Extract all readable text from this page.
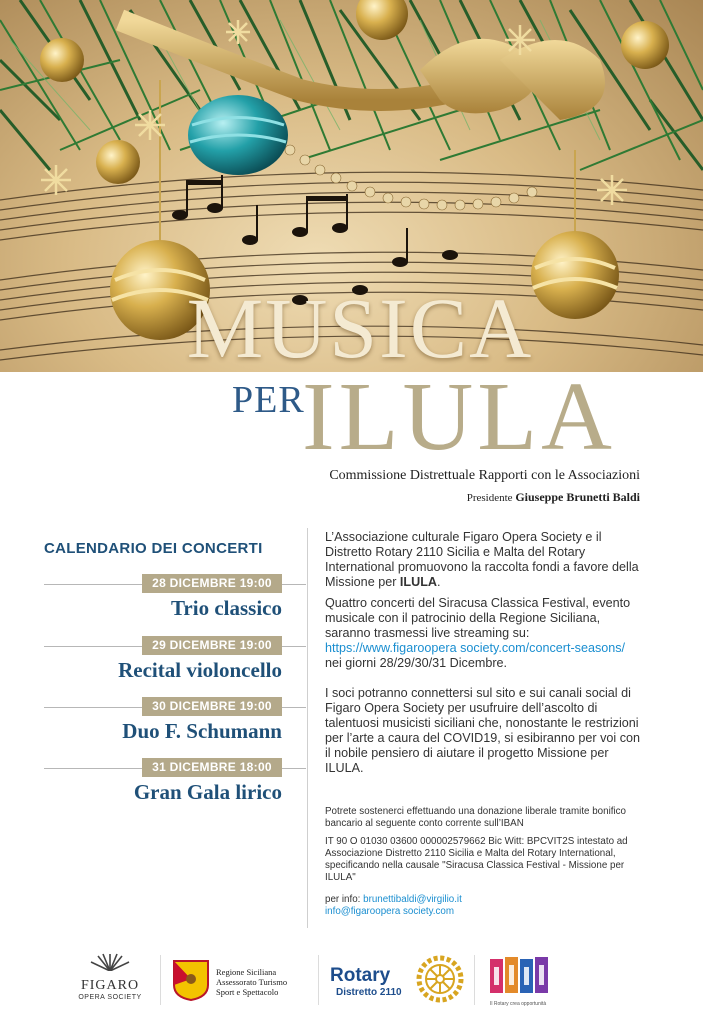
MUSICA
PER
ILULA
Commissione Distrettuale Rapporti con le Associazioni
Presidente Giuseppe Brunetti Baldi
CALENDARIO DEI CONCERTI
28 DICEMBRE 19:00
Trio classico
29 DICEMBRE 19:00
Recital violoncello
30 DICEMBRE 19:00
Duo F. Schumann
31 DICEMBRE 18:00
Gran Gala lirico

L’Associazione culturale Figaro Opera Society e il Distretto Rotary 2110 Sicilia e Malta del Rotary International promuovono la raccolta fondi a favore della Missione per ILULA.

Quattro concerti del Siracusa Classica Festival, evento musicale con il patrocinio della Regione Siciliana, saranno trasmessi live streaming su: https://www.figaroopera society.com/concert-seasons/ nei giorni 28/29/30/31 Dicembre.

I soci potranno connettersi sul sito e sui canali social di Figaro Opera Society per usufruire dell’ascolto di talentuosi musicisti siciliani che, nonostante le restrizioni per l’arte a caura del COVID19, si esibiranno per voi con il nobile pensiero di aiutare il progetto Missione per ILULA.

Potrete sostenerci effettuando una donazione liberale tramite bonifico bancario al seguente conto corrente sull’IBAN

IT 90 O 01030 03600 000002579662 Bic Witt: BPCVIT2S intestato ad Associazione Distretto 2110 Sicilia e Malta del Rotary International, specificando nella causale "Siracusa Classica Festival - Missione per ILULA"

per info: brunettibaldi@virgilio.it

info@figaroopera society.com

FIGARO
OPERA SOCIETY
Regione Siciliana
Assessorato Turismo
Sport e Spettacolo
Rotary
Distretto 2110
Il Rotary crea opportunità
